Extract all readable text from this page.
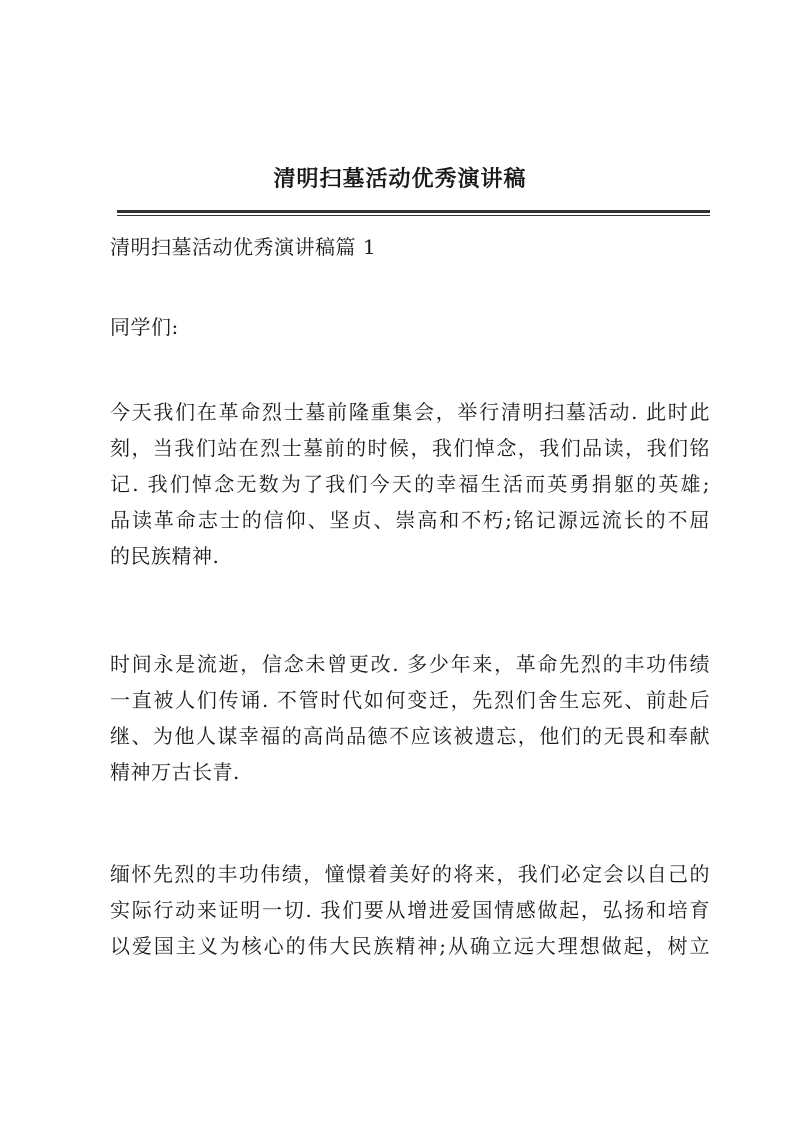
清明扫墓活动优秀演讲稿
清明扫墓活动优秀演讲稿篇 1
同学们:
今天我们在革命烈士墓前隆重集会，举行清明扫墓活动. 此时此
刻，当我们站在烈士墓前的时候，我们悼念，我们品读，我们铭
记. 我们悼念无数为了我们今天的幸福生活而英勇捐躯的英雄;
品读革命志士的信仰、坚贞、崇高和不朽;铭记源远流长的不屈
的民族精神.
时间永是流逝，信念未曾更改. 多少年来，革命先烈的丰功伟绩
一直被人们传诵. 不管时代如何变迁，先烈们舍生忘死、前赴后
继、为他人谋幸福的高尚品德不应该被遗忘，他们的无畏和奉献
精神万古长青.
缅怀先烈的丰功伟绩，憧憬着美好的将来，我们必定会以自己的
实际行动来证明一切. 我们要从增进爱国情感做起，弘扬和培育
以爱国主义为核心的伟大民族精神;从确立远大理想做起，树立
